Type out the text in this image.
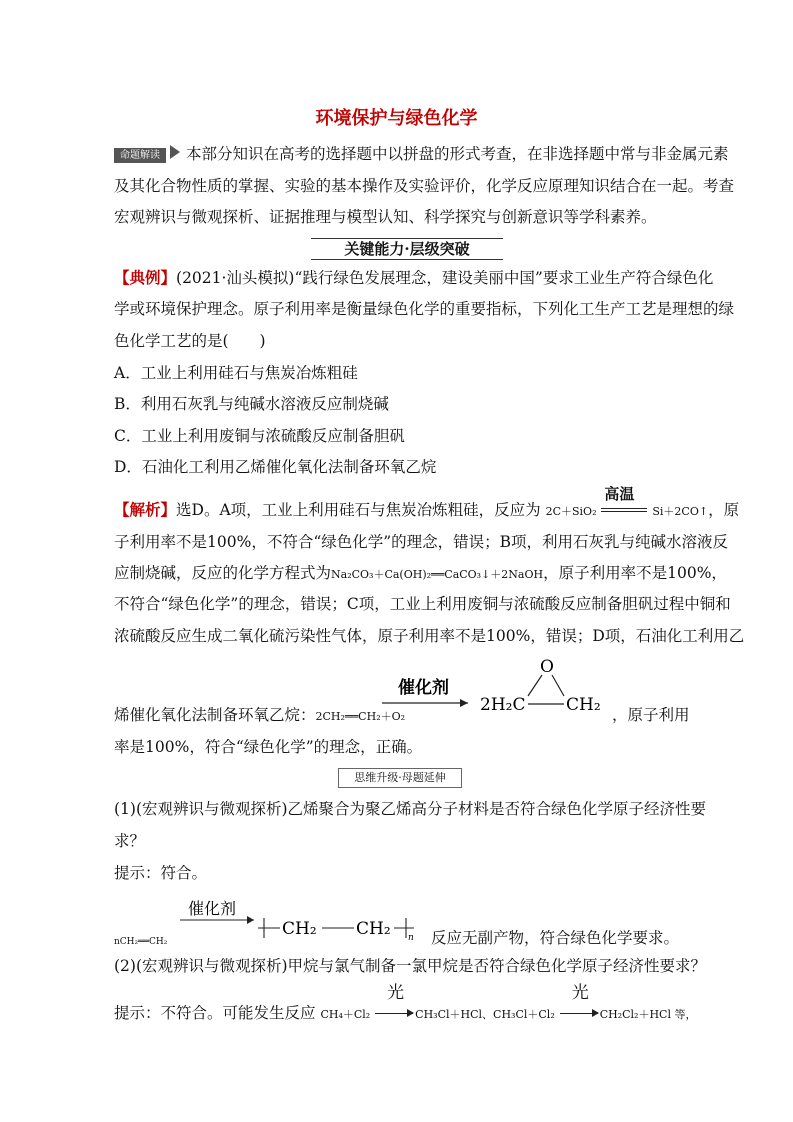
环境保护与绿色化学
命题解读 本部分知识在高考的选择题中以拼盘的形式考查，在非选择题中常与非金属元素
及其化合物性质的掌握、实验的基本操作及实验评价，化学反应原理知识结合在一起。考查
宏观辨识与微观探析、证据推理与模型认知、科学探究与创新意识等学科素养。
关键能力·层级突破
【典例】(2021·汕头模拟)“践行绿色发展理念，建设美丽中国”要求工业生产符合绿色化
学或环境保护理念。原子利用率是衡量绿色化学的重要指标，下列化工生产工艺是理想的绿
色化学工艺的是(　　)
A．工业上利用硅石与焦炭冶炼粗硅
B．利用石灰乳与纯碱水溶液反应制烧碱
C．工业上利用废铜与浓硫酸反应制备胆矾
D．石油化工利用乙烯催化氧化法制备环氧乙烷
【解析】选D。A项，工业上利用硅石与焦炭冶炼粗硅，反应为 2C＋SiO₂
高温
Si＋2CO↑，原
子利用率不是100%，不符合“绿色化学”的理念，错误；B项，利用石灰乳与纯碱水溶液反
应制烧碱，反应的化学方程式为Na₂CO₃＋Ca(OH)₂══CaCO₃↓＋2NaOH，原子利用率不是100%，
不符合“绿色化学”的理念，错误；C项，工业上利用废铜与浓硫酸反应制备胆矾过程中铜和
浓硫酸反应生成二氧化硫污染性气体，原子利用率不是100%，错误；D项，石油化工利用乙
烯催化氧化法制备环氧乙烷：2CH₂══CH₂＋O₂
催化剂
2H₂C
O
CH₂ ，原子利用
率是100%，符合“绿色化学”的理念，正确。
思维升级·母题延伸
(1)(宏观辨识与微观探析)乙烯聚合为聚乙烯高分子材料是否符合绿色化学原子经济性要
求？
提示：符合。
nCH₂══CH₂
催化剂
CH₂ CH₂ n 反应无副产物，符合绿色化学要求。
(2)(宏观辨识与微观探析)甲烷与氯气制备一氯甲烷是否符合绿色化学原子经济性要求？
提示：不符合。可能发生反应 CH₄＋Cl₂
光
CH₃Cl＋HCl、CH₃Cl＋Cl₂
光
CH₂Cl₂＋HCl 等，
